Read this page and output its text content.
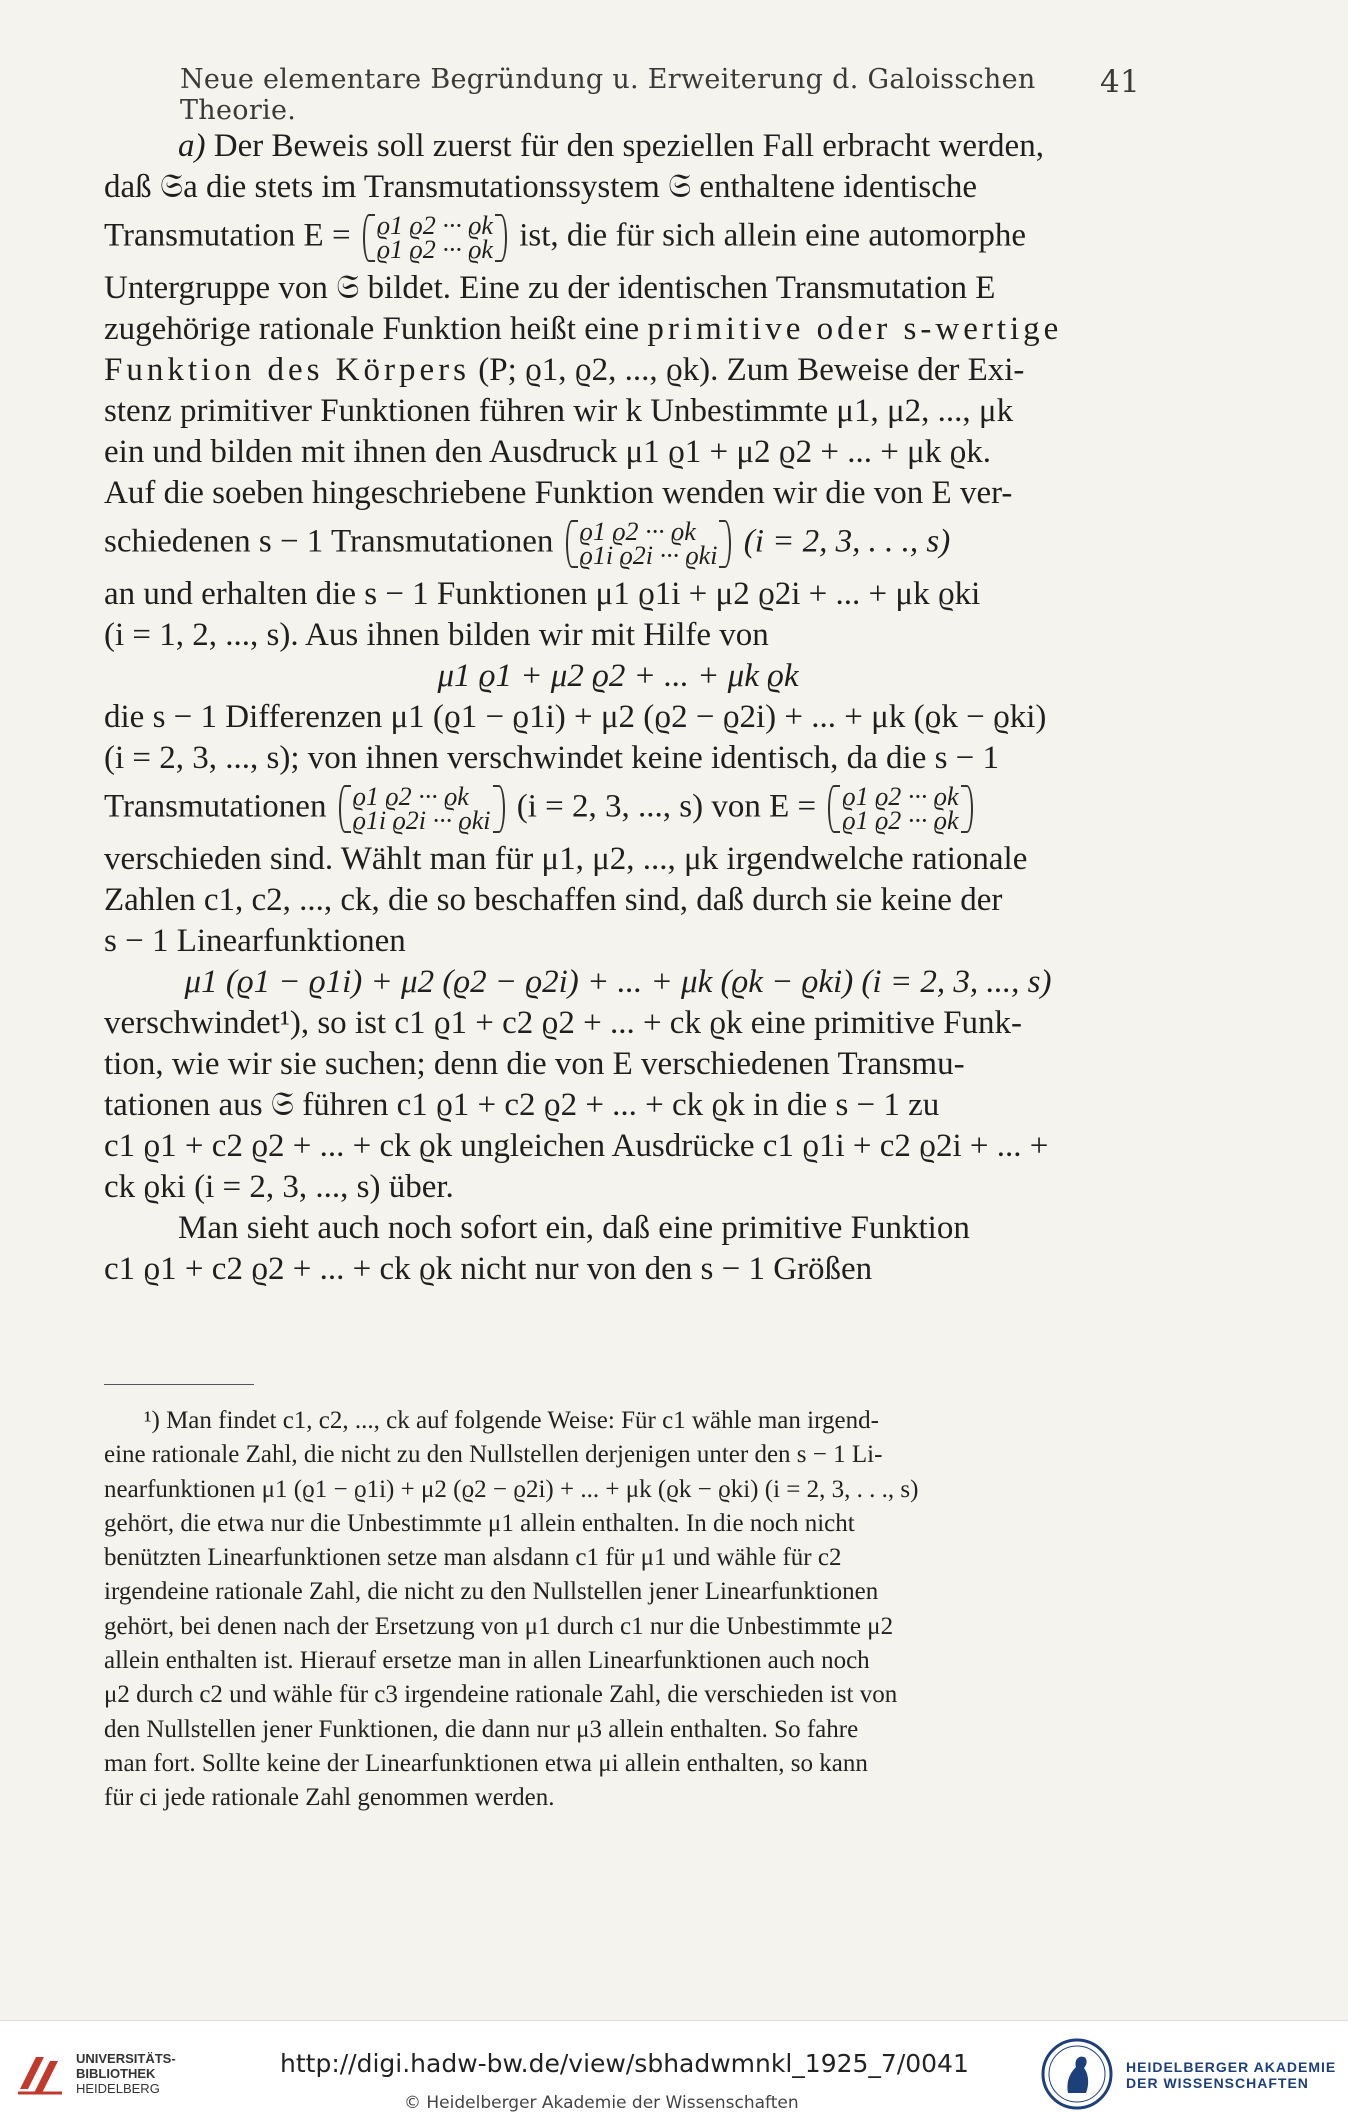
Neue elementare Begründung u. Erweiterung d. Galoisschen Theorie.
41

a) Der Beweis soll zuerst für den speziellen Fall erbracht werden,

daß 𝔖a die stets im Transmutationssystem 𝔖 enthaltene identische

Transmutation E = ϱ1 ϱ2 ··· ϱk
ϱ1 ϱ2 ··· ϱk ist, die für sich allein eine automorphe

Untergruppe von 𝔖 bildet. Eine zu der identischen Transmutation E

zugehörige rationale Funktion heißt eine primitive oder s-wertige

Funktion des Körpers (P; ϱ1, ϱ2, ..., ϱk). Zum Beweise der Exi-

stenz primitiver Funktionen führen wir k Unbestimmte μ1, μ2, ..., μk

ein und bilden mit ihnen den Ausdruck μ1 ϱ1 + μ2 ϱ2 + ... + μk ϱk.

Auf die soeben hingeschriebene Funktion wenden wir die von E ver-

schiedenen s − 1 Transmutationen ϱ1 ϱ2 ··· ϱk
ϱ1i ϱ2i ··· ϱki (i = 2, 3, . . ., s)

an und erhalten die s − 1 Funktionen μ1 ϱ1i + μ2 ϱ2i + ... + μk ϱki

(i = 1, 2, ..., s). Aus ihnen bilden wir mit Hilfe von

μ1 ϱ1 + μ2 ϱ2 + ... + μk ϱk

die s − 1 Differenzen μ1 (ϱ1 − ϱ1i) + μ2 (ϱ2 − ϱ2i) + ... + μk (ϱk − ϱki)

(i = 2, 3, ..., s); von ihnen verschwindet keine identisch, da die s − 1

Transmutationen ϱ1 ϱ2 ··· ϱk
ϱ1i ϱ2i ··· ϱki (i = 2, 3, ..., s) von E = ϱ1 ϱ2 ··· ϱk
ϱ1 ϱ2 ··· ϱk

verschieden sind. Wählt man für μ1, μ2, ..., μk irgendwelche rationale

Zahlen c1, c2, ..., ck, die so beschaffen sind, daß durch sie keine der

s − 1 Linearfunktionen

μ1 (ϱ1 − ϱ1i) + μ2 (ϱ2 − ϱ2i) + ... + μk (ϱk − ϱki) (i = 2, 3, ..., s)

verschwindet¹), so ist c1 ϱ1 + c2 ϱ2 + ... + ck ϱk eine primitive Funk-

tion, wie wir sie suchen; denn die von E verschiedenen Transmu-

tationen aus 𝔖 führen c1 ϱ1 + c2 ϱ2 + ... + ck ϱk in die s − 1 zu

c1 ϱ1 + c2 ϱ2 + ... + ck ϱk ungleichen Ausdrücke c1 ϱ1i + c2 ϱ2i + ... +

ck ϱki (i = 2, 3, ..., s) über.

Man sieht auch noch sofort ein, daß eine primitive Funktion

c1 ϱ1 + c2 ϱ2 + ... + ck ϱk nicht nur von den s − 1 Größen

¹) Man findet c1, c2, ..., ck auf folgende Weise: Für c1 wähle man irgend-

eine rationale Zahl, die nicht zu den Nullstellen derjenigen unter den s − 1 Li-

nearfunktionen μ1 (ϱ1 − ϱ1i) + μ2 (ϱ2 − ϱ2i) + ... + μk (ϱk − ϱki) (i = 2, 3, . . ., s)

gehört, die etwa nur die Unbestimmte μ1 allein enthalten. In die noch nicht

benützten Linearfunktionen setze man alsdann c1 für μ1 und wähle für c2

irgendeine rationale Zahl, die nicht zu den Nullstellen jener Linearfunktionen

gehört, bei denen nach der Ersetzung von μ1 durch c1 nur die Unbestimmte μ2

allein enthalten ist. Hierauf ersetze man in allen Linearfunktionen auch noch

μ2 durch c2 und wähle für c3 irgendeine rationale Zahl, die verschieden ist von

den Nullstellen jener Funktionen, die dann nur μ3 allein enthalten. So fahre

man fort. Sollte keine der Linearfunktionen etwa μi allein enthalten, so kann

für ci jede rationale Zahl genommen werden.

UNIVERSITÄTS-
BIBLIOTHEK
HEIDELBERG
http://digi.hadw-bw.de/view/sbhadwmnkl_1925_7/0041
© Heidelberger Akademie der Wissenschaften
HEIDELBERGER AKADEMIE
DER WISSENSCHAFTEN
